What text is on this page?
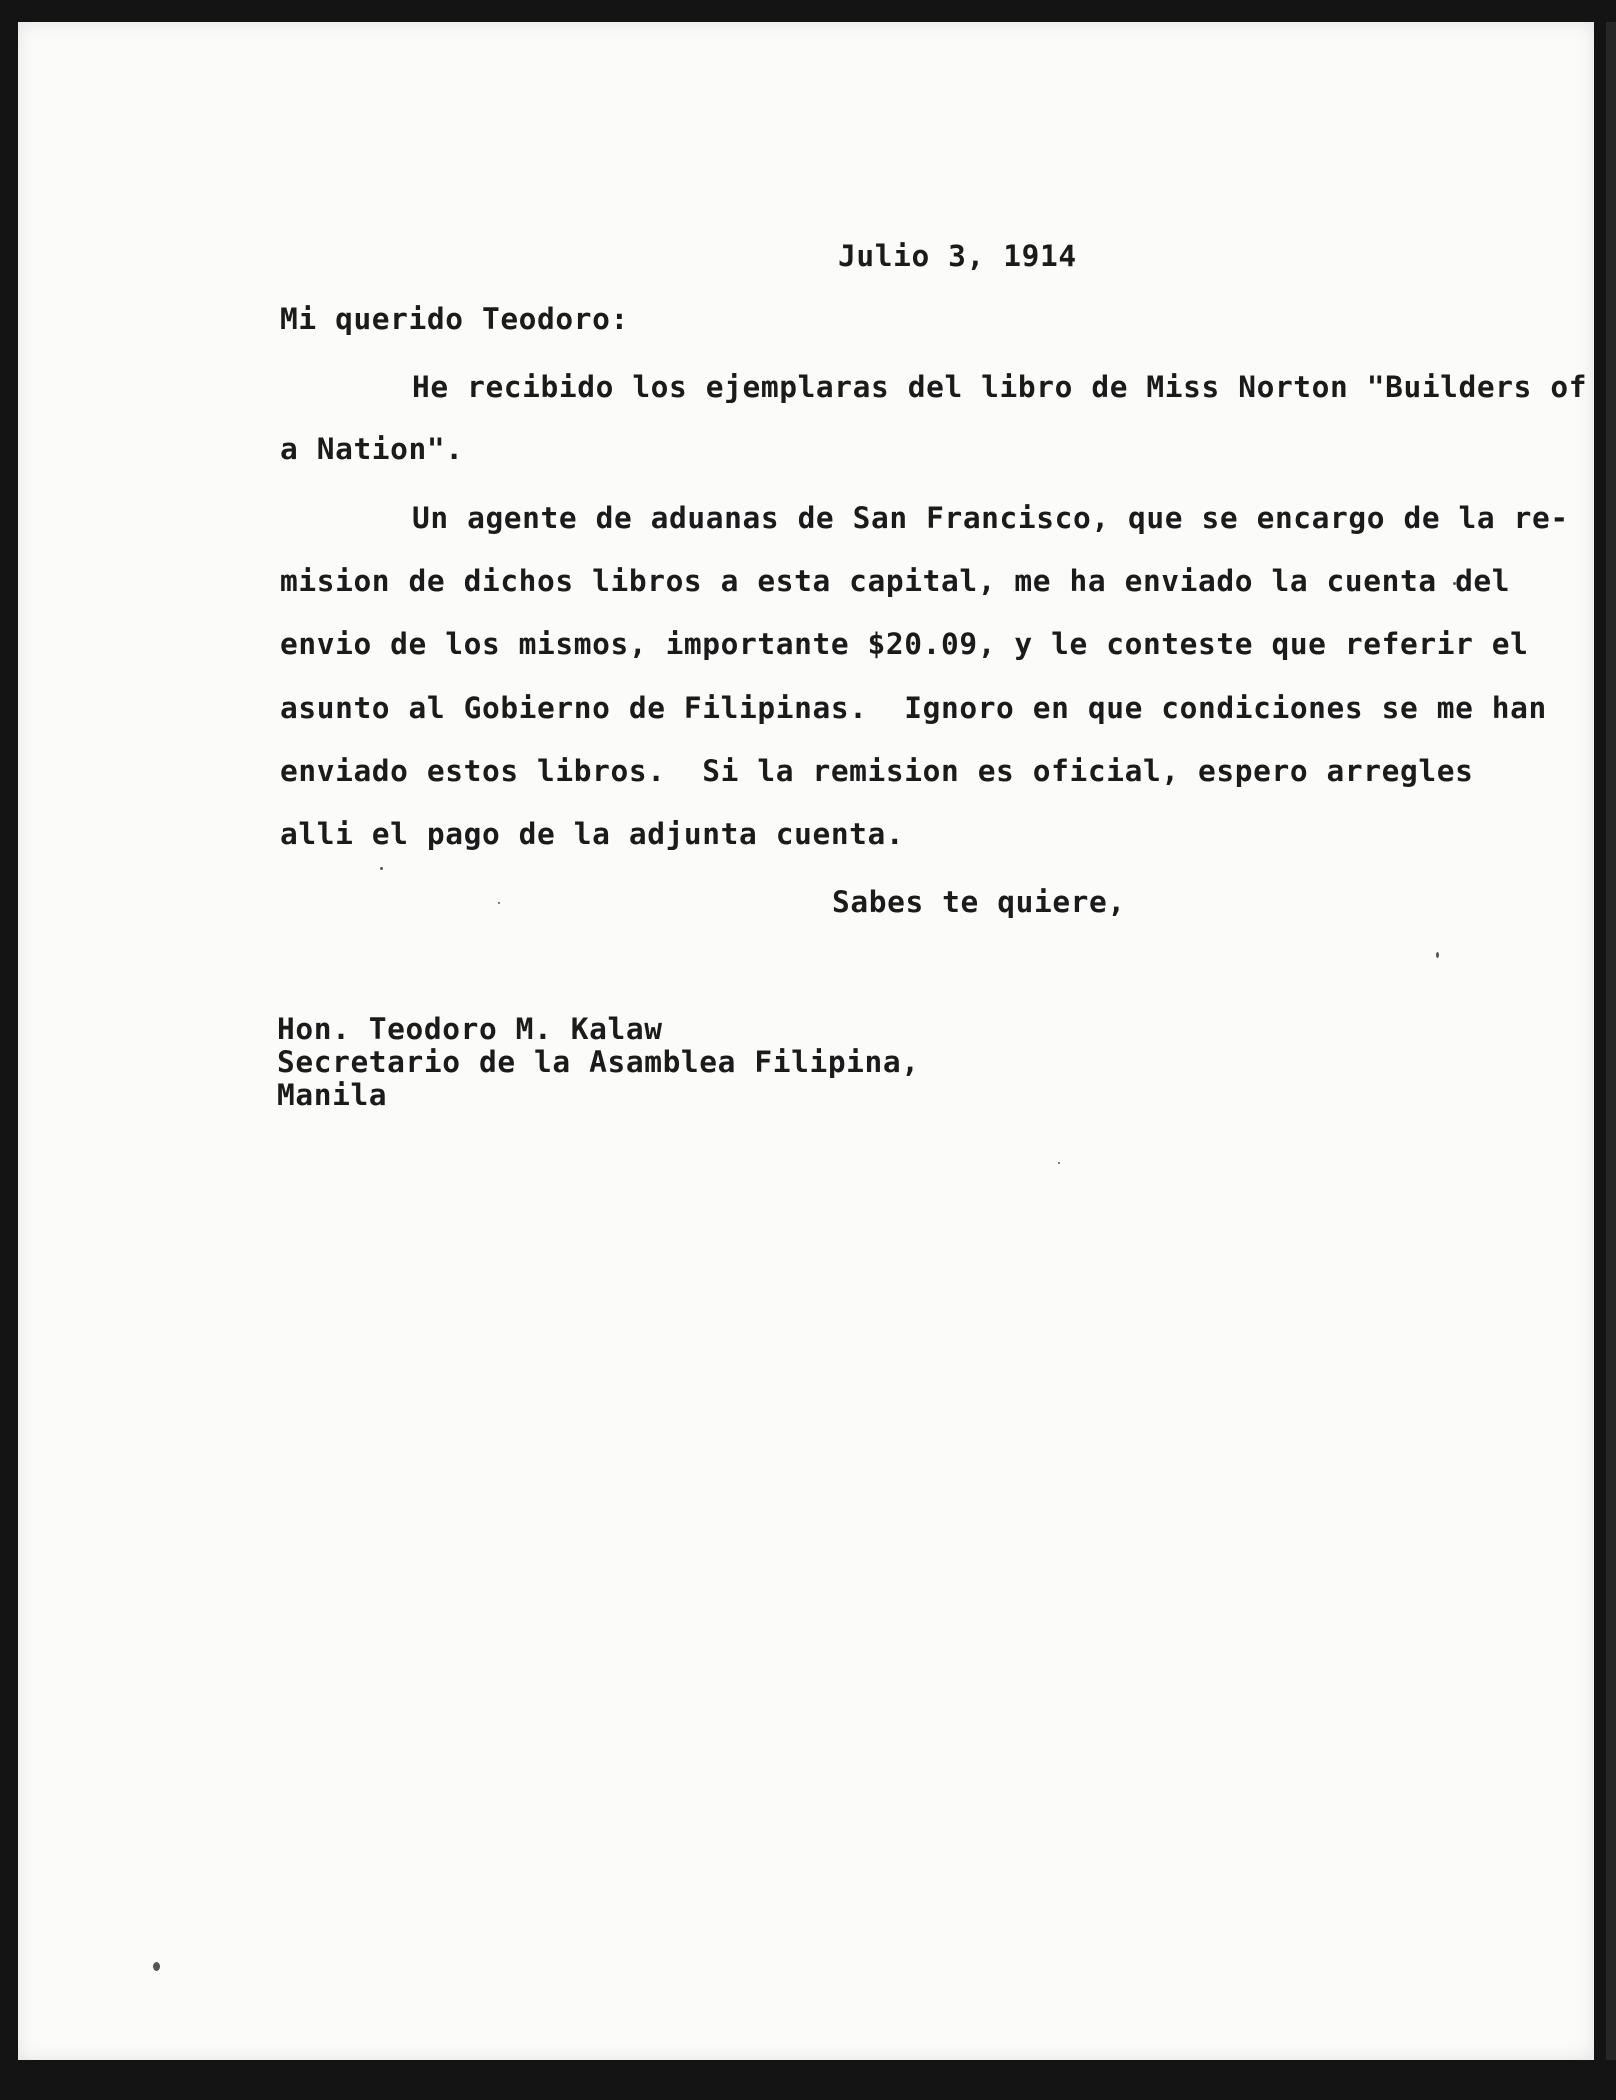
Julio 3, 1914
Mi querido Teodoro:
He recibido los ejemplaras del libro de Miss Norton "Builders of
a Nation".
Un agente de aduanas de San Francisco, que se encargo de la re-
mision de dichos libros a esta capital, me ha enviado la cuenta del
envio de los mismos, importante $20.09, y le conteste que referir el
asunto al Gobierno de Filipinas.  Ignoro en que condiciones se me han
enviado estos libros.  Si la remision es oficial, espero arregles
alli el pago de la adjunta cuenta.
Sabes te quiere,
Hon. Teodoro M. Kalaw
Secretario de la Asamblea Filipina,
Manila
